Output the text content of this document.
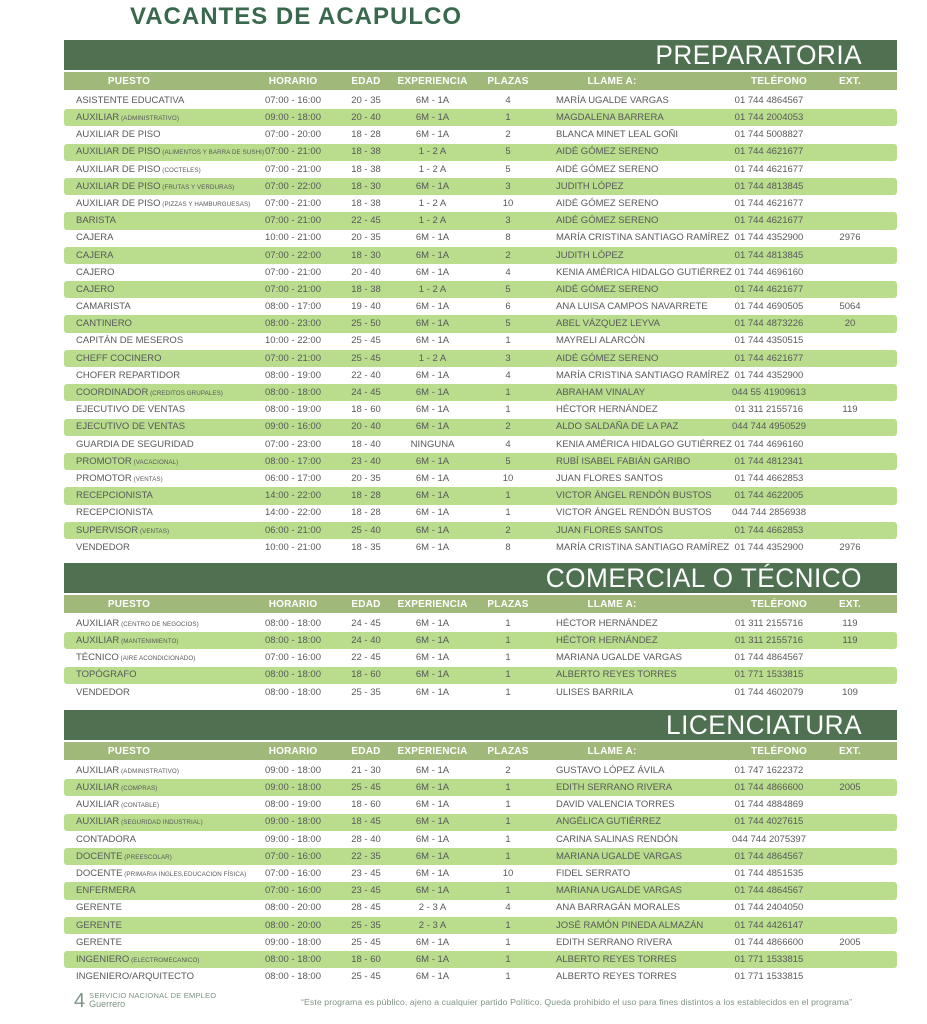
VACANTES DE ACAPULCO
PREPARATORIA
PUESTO	HORARIO	EDAD	EXPERIENCIA	PLAZAS	LLAME A:	TELÉFONO	EXT.
ASISTENTE EDUCATIVA	07:00 - 16:00	20 - 35	6M - 1A	4	MARÍA UGALDE VARGAS	01 744 4864567
AUXILIAR (ADMINISTRATIVO)	09:00 - 18:00	20 - 40	6M - 1A	1	MAGDALENA BARRERA	01 744 2004053
AUXILIAR DE PISO	07:00 - 20:00	18 - 28	6M - 1A	2	BLANCA MINET LEAL GOÑI	01 744 5008827
AUXILIAR DE PISO (ALIMENTOS Y BARRA DE SUSHI) 07:00 - 21:00	18 - 38	1 - 2 A	5	AIDÉ GÓMEZ SERENO	01 744 4621677
AUXILIAR DE PISO (COCTELES)	07:00 - 21:00	18 - 38	1 - 2 A	5	AIDÉ GÓMEZ SERENO	01 744 4621677
AUXILIAR DE PISO (FRUTAS Y VERDURAS)	07:00 - 22:00	18 - 30	6M - 1A	3	JUDITH LÓPEZ	01 744 4813845
AUXILIAR DE PISO (PIZZAS Y HAMBURGUESAS)	07:00 - 21:00	18 - 38	1 - 2 A	10	AIDÉ GÓMEZ SERENO	01 744 4621677
BARISTA	07:00 - 21:00	22 - 45	1 - 2 A	3	AIDÉ GÓMEZ SERENO	01 744 4621677
CAJERA	10:00 - 21:00	20 - 35	6M - 1A	8	MARÍA CRISTINA SANTIAGO RAMÍREZ 01 744 4352900	2976
CAJERA	07:00 - 22:00	18 - 30	6M - 1A	2	JUDITH LÓPEZ	01 744 4813845
CAJERO	07:00 - 21:00	20 - 40	6M - 1A	4	KENIA AMÉRICA HIDALGO GUTIÉRREZ 01 744 4696160
CAJERO	07:00 - 21:00	18 - 38	1 - 2 A	5	AIDÉ GÓMEZ SERENO	01 744 4621677
CAMARISTA	08:00 - 17:00	19 - 40	6M - 1A	6	ANA LUISA CAMPOS NAVARRETE	01 744 4690505	5064
CANTINERO	08:00 - 23:00	25 - 50	6M - 1A	5	ABEL VÁZQUEZ LEYVA	01 744 4873226	20
CAPITÁN DE MESEROS	10:00 - 22:00	25 - 45	6M - 1A	1	MAYRELI ALARCÓN	01 744 4350515
CHEFF COCINERO	07:00 - 21:00	25 - 45	1 - 2 A	3	AIDÉ GÓMEZ SERENO	01 744 4621677
CHOFER REPARTIDOR	08:00 - 19:00	22 - 40	6M - 1A	4	MARÍA CRISTINA SANTIAGO RAMÍREZ 01 744 4352900
COORDINADOR (CREDITOS GRUPALES)	08:00 - 18:00	24 - 45	6M - 1A	1	ABRAHAM VINALAY	044 55 41909613
EJECUTIVO DE VENTAS	08:00 - 19:00	18 - 60	6M - 1A	1	HÉCTOR HERNÁNDEZ	01 311 2155716	119
EJECUTIVO DE VENTAS	09:00 - 16:00	20 - 40	6M - 1A	2	ALDO SALDAÑA DE LA PAZ	044 744 4950529
GUARDIA DE SEGURIDAD	07:00 - 23:00	18 - 40	NINGUNA	4	KENIA AMÉRICA HIDALGO GUTIÉRREZ 01 744 4696160
PROMOTOR (VACACIONAL)	08:00 - 17:00	23 - 40	6M - 1A	5	RUBÍ ISABEL FABIÁN GARIBO	01 744 4812341
PROMOTOR (VENTAS)	06:00 - 17:00	20 - 35	6M - 1A	10	JUAN FLORES SANTOS	01 744 4662853
RECEPCIONISTA	14:00 - 22:00	18 - 28	6M - 1A	1	VICTOR ÁNGEL RENDÓN BUSTOS	01 744 4622005
RECEPCIONISTA	14:00 - 22:00	18 - 28	6M - 1A	1	VICTOR ÁNGEL RENDÓN BUSTOS	044 744 2856938
SUPERVISOR (VENTAS)	06:00 - 21:00	25 - 40	6M - 1A	2	JUAN FLORES SANTOS	01 744 4662853
VENDEDOR	10:00 - 21:00	18 - 35	6M - 1A	8	MARÍA CRISTINA SANTIAGO RAMÍREZ 01 744 4352900	2976
COMERCIAL O TÉCNICO
PUESTO	HORARIO	EDAD	EXPERIENCIA	PLAZAS	LLAME A:	TELÉFONO	EXT.
AUXILIAR (CENTRO DE NEGOCIOS)	08:00 - 18:00	24 - 45	6M - 1A	1	HÉCTOR HERNÁNDEZ	01 311 2155716	119
AUXILIAR (MANTENIMIENTO)	08:00 - 18:00	24 - 40	6M - 1A	1	HÉCTOR HERNÁNDEZ	01 311 2155716	119
TÉCNICO (AIRE ACONDICIONADO)	07:00 - 16:00	22 - 45	6M - 1A	1	MARIANA UGALDE VARGAS	01 744 4864567
TOPÓGRAFO	08:00 - 18:00	18 - 60	6M - 1A	1	ALBERTO REYES TORRES	01 771 1533815
VENDEDOR	08:00 - 18:00	25 - 35	6M - 1A	1	ULISES BARRILA	01 744 4602079	109
LICENCIATURA
PUESTO	HORARIO	EDAD	EXPERIENCIA	PLAZAS	LLAME A:	TELÉFONO	EXT.
AUXILIAR (ADMINISTRATIVO)	09:00 - 18:00	21 - 30	6M - 1A	2	GUSTAVO LÓPEZ ÁVILA	01 747 1622372
AUXILIAR (COMPRAS)	09:00 - 18:00	25 - 45	6M - 1A	1	EDITH SERRANO RIVERA	01 744 4866600	2005
AUXILIAR (CONTABLE)	08:00 - 19:00	18 - 60	6M - 1A	1	DAVID VALENCIA TORRES	01 744 4884869
AUXILIAR (SEGURIDAD INDUSTRIAL)	09:00 - 18:00	18 - 45	6M - 1A	1	ANGÉLICA GUTIÉRREZ	01 744 4027615
CONTADORA	09:00 - 18:00	28 - 40	6M - 1A	1	CARINA SALINAS RENDÓN	044 744 2075397
DOCENTE (PREESCOLAR)	07:00 - 16:00	22 - 35	6M - 1A	1	MARIANA UGALDE VARGAS	01 744 4864567
DOCENTE (PRIMARIA INGLES,EDUCACION FÍSICA)	07:00 - 16:00	23 - 45	6M - 1A	10	FIDEL SERRATO	01 744 4851535
ENFERMERA	07:00 - 16:00	23 - 45	6M - 1A	1	MARIANA UGALDE VARGAS	01 744 4864567
GERENTE	08:00 - 20:00	28 - 45	2 - 3 A	4	ANA BARRAGÁN MORALES	01 744 2404050
GERENTE	08:00 - 20:00	25 - 35	2 - 3 A	1	JOSÉ RAMÓN PINEDA ALMAZÁN	01 744 4426147
GERENTE	09:00 - 18:00	25 - 45	6M - 1A	1	EDITH SERRANO RIVERA	01 744 4866600	2005
INGENIERO (ELECTROMECANICO)	08:00 - 18:00	18 - 60	6M - 1A	1	ALBERTO REYES TORRES	01 771 1533815
INGENIERO/ARQUITECTO	08:00 - 18:00	25 - 45	6M - 1A	1	ALBERTO REYES TORRES	01 771 1533815
4 SERVICIO NACIONAL DE EMPLEO
Guerrero	“Este programa es público, ajeno a cualquier partido Político. Queda prohibido el uso para fines distintos a los establecidos en el programa”
